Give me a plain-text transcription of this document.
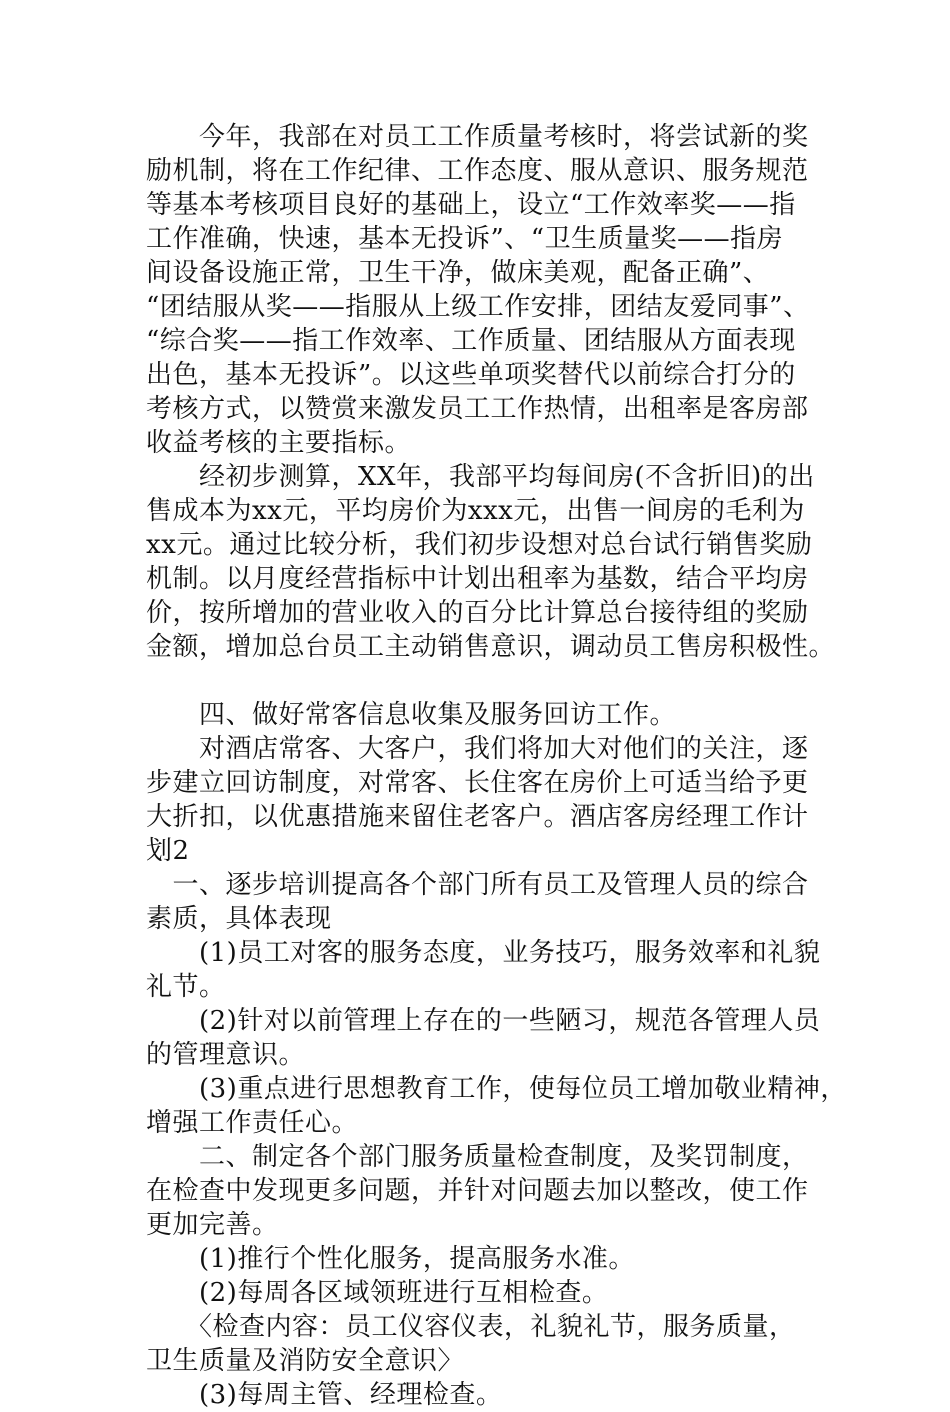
　　今年，我部在对员工工作质量考核时，将尝试新的奖
励机制，将在工作纪律、工作态度、服从意识、服务规范
等基本考核项目良好的基础上，设立“工作效率奖——指
工作准确，快速，基本无投诉”、“卫生质量奖——指房
间设备设施正常，卫生干净，做床美观，配备正确”、
“团结服从奖——指服从上级工作安排，团结友爱同事”、
“综合奖——指工作效率、工作质量、团结服从方面表现
出色，基本无投诉”。以这些单项奖替代以前综合打分的
考核方式，以赞赏来激发员工工作热情，出租率是客房部
收益考核的主要指标。
　　经初步测算，XX年，我部平均每间房(不含折旧)的出
售成本为xx元，平均房价为xxx元，出售一间房的毛利为
xx元。通过比较分析，我们初步设想对总台试行销售奖励
机制。以月度经营指标中计划出租率为基数，结合平均房
价，按所增加的营业收入的百分比计算总台接待组的奖励
金额，增加总台员工主动销售意识，调动员工售房积极性。
　　四、做好常客信息收集及服务回访工作。
　　对酒店常客、大客户，我们将加大对他们的关注，逐
步建立回访制度，对常客、长住客在房价上可适当给予更
大折扣，以优惠措施来留住老客户。酒店客房经理工作计
划2
　一、逐步培训提高各个部门所有员工及管理人员的综合
素质，具体表现
　　(1)员工对客的服务态度，业务技巧，服务效率和礼貌
礼节。
　　(2)针对以前管理上存在的一些陋习，规范各管理人员
的管理意识。
　　(3)重点进行思想教育工作，使每位员工增加敬业精神，
增强工作责任心。
　　二、制定各个部门服务质量检查制度，及奖罚制度，
在检查中发现更多问题，并针对问题去加以整改，使工作
更加完善。
　　(1)推行个性化服务，提高服务水准。
　　(2)每周各区域领班进行互相检查。
　　〈检查内容：员工仪容仪表，礼貌礼节，服务质量，
卫生质量及消防安全意识〉
　　(3)每周主管、经理检查。
